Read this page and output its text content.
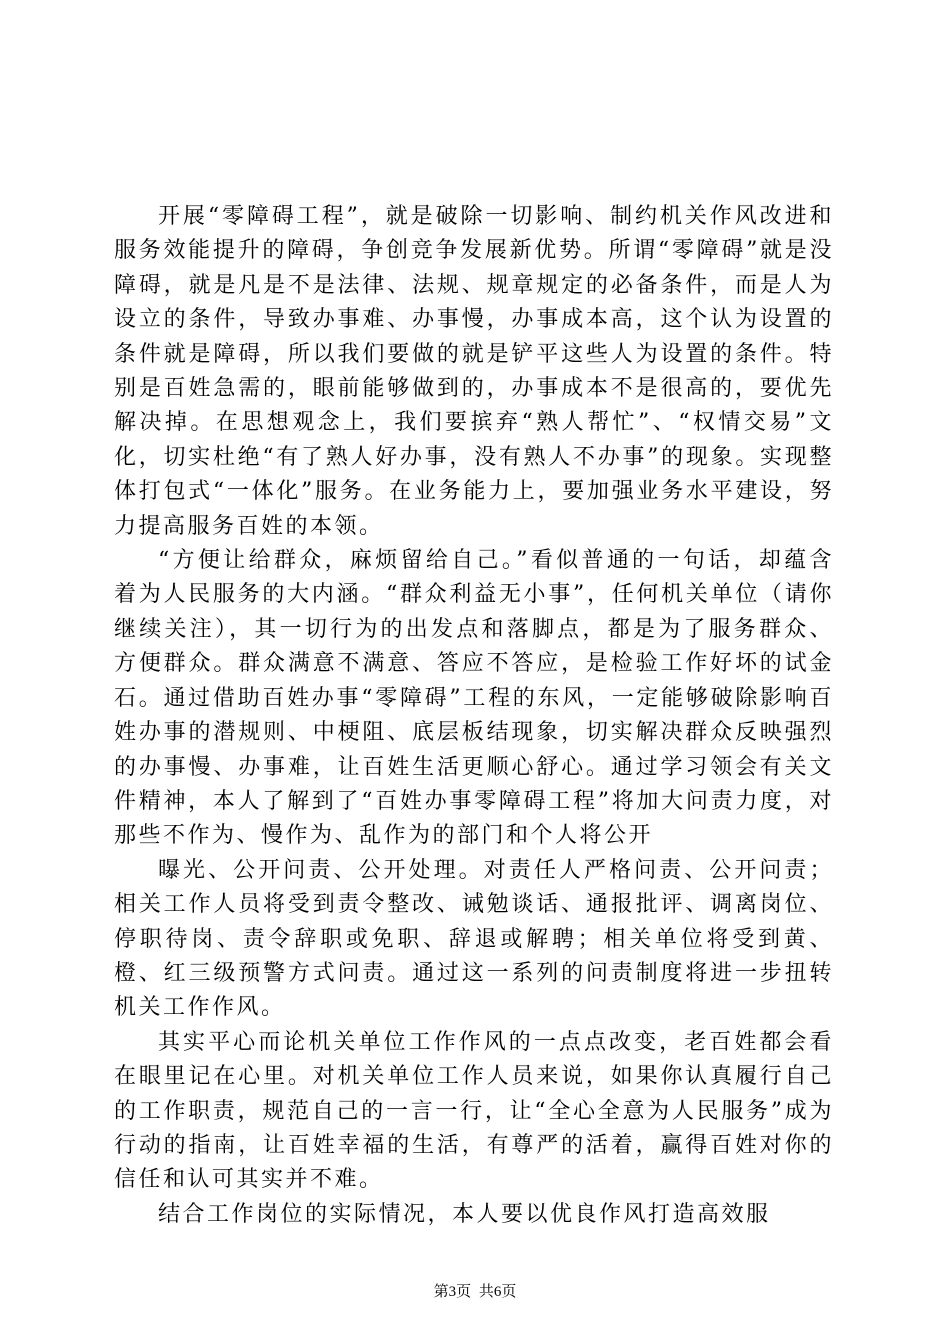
开展“零障碍工程”，就是破除一切影响、制约机关作风改进和服务效能提升的障碍，争创竞争发展新优势。所谓“零障碍”就是没障碍，就是凡是不是法律、法规、规章规定的必备条件，而是人为设立的条件，导致办事难、办事慢，办事成本高，这个认为设置的条件就是障碍，所以我们要做的就是铲平这些人为设置的条件。特别是百姓急需的，眼前能够做到的，办事成本不是很高的，要优先解决掉。在思想观念上，我们要摈弃“熟人帮忙”、“权情交易”文化，切实杜绝“有了熟人好办事，没有熟人不办事”的现象。实现整体打包式“一体化”服务。在业务能力上，要加强业务水平建设，努力提高服务百姓的本领。

“方便让给群众，麻烦留给自己。”看似普通的一句话，却蕴含着为人民服务的大内涵。“群众利益无小事”，任何机关单位（请你继续关注），其一切行为的出发点和落脚点，都是为了服务群众、方便群众。群众满意不满意、答应不答应，是检验工作好坏的试金石。通过借助百姓办事“零障碍”工程的东风，一定能够破除影响百姓办事的潜规则、中梗阻、底层板结现象，切实解决群众反映强烈的办事慢、办事难，让百姓生活更顺心舒心。通过学习领会有关文件精神，本人了解到了“百姓办事零障碍工程”将加大问责力度，对那些不作为、慢作为、乱作为的部门和个人将公开

曝光、公开问责、公开处理。对责任人严格问责、公开问责；相关工作人员将受到责令整改、诫勉谈话、通报批评、调离岗位、停职待岗、责令辞职或免职、辞退或解聘；相关单位将受到黄、橙、红三级预警方式问责。通过这一系列的问责制度将进一步扭转机关工作作风。

其实平心而论机关单位工作作风的一点点改变，老百姓都会看在眼里记在心里。对机关单位工作人员来说，如果你认真履行自己的工作职责，规范自己的一言一行，让“全心全意为人民服务”成为行动的指南，让百姓幸福的生活，有尊严的活着，赢得百姓对你的信任和认可其实并不难。

结合工作岗位的实际情况，本人要以优良作风打造高效服

第3页 共6页
